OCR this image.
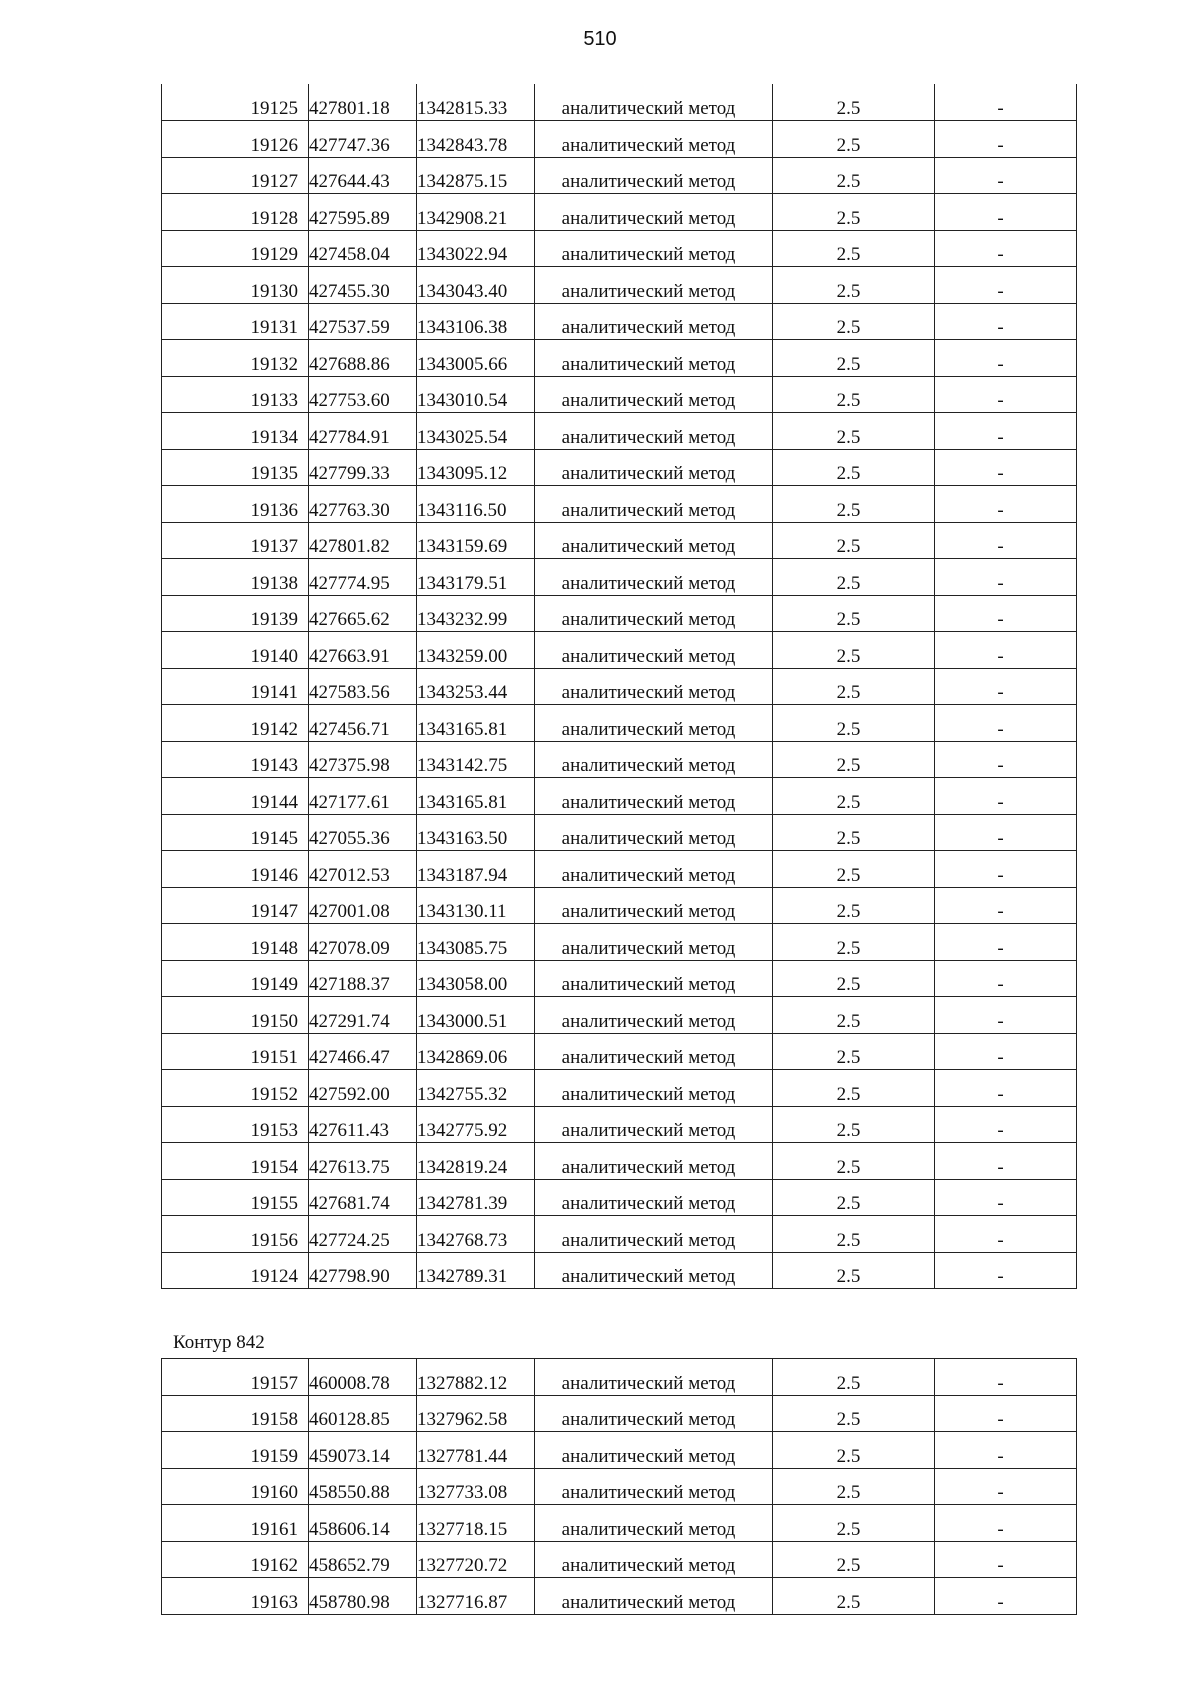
510
19125	427801.18	1342815.33	аналитический метод	2.5	-
19126	427747.36	1342843.78	аналитический метод	2.5	-
19127	427644.43	1342875.15	аналитический метод	2.5	-
19128	427595.89	1342908.21	аналитический метод	2.5	-
19129	427458.04	1343022.94	аналитический метод	2.5	-
19130	427455.30	1343043.40	аналитический метод	2.5	-
19131	427537.59	1343106.38	аналитический метод	2.5	-
19132	427688.86	1343005.66	аналитический метод	2.5	-
19133	427753.60	1343010.54	аналитический метод	2.5	-
19134	427784.91	1343025.54	аналитический метод	2.5	-
19135	427799.33	1343095.12	аналитический метод	2.5	-
19136	427763.30	1343116.50	аналитический метод	2.5	-
19137	427801.82	1343159.69	аналитический метод	2.5	-
19138	427774.95	1343179.51	аналитический метод	2.5	-
19139	427665.62	1343232.99	аналитический метод	2.5	-
19140	427663.91	1343259.00	аналитический метод	2.5	-
19141	427583.56	1343253.44	аналитический метод	2.5	-
19142	427456.71	1343165.81	аналитический метод	2.5	-
19143	427375.98	1343142.75	аналитический метод	2.5	-
19144	427177.61	1343165.81	аналитический метод	2.5	-
19145	427055.36	1343163.50	аналитический метод	2.5	-
19146	427012.53	1343187.94	аналитический метод	2.5	-
19147	427001.08	1343130.11	аналитический метод	2.5	-
19148	427078.09	1343085.75	аналитический метод	2.5	-
19149	427188.37	1343058.00	аналитический метод	2.5	-
19150	427291.74	1343000.51	аналитический метод	2.5	-
19151	427466.47	1342869.06	аналитический метод	2.5	-
19152	427592.00	1342755.32	аналитический метод	2.5	-
19153	427611.43	1342775.92	аналитический метод	2.5	-
19154	427613.75	1342819.24	аналитический метод	2.5	-
19155	427681.74	1342781.39	аналитический метод	2.5	-
19156	427724.25	1342768.73	аналитический метод	2.5	-
19124	427798.90	1342789.31	аналитический метод	2.5	-
Контур 842
19157	460008.78	1327882.12	аналитический метод	2.5	-
19158	460128.85	1327962.58	аналитический метод	2.5	-
19159	459073.14	1327781.44	аналитический метод	2.5	-
19160	458550.88	1327733.08	аналитический метод	2.5	-
19161	458606.14	1327718.15	аналитический метод	2.5	-
19162	458652.79	1327720.72	аналитический метод	2.5	-
19163	458780.98	1327716.87	аналитический метод	2.5	-
